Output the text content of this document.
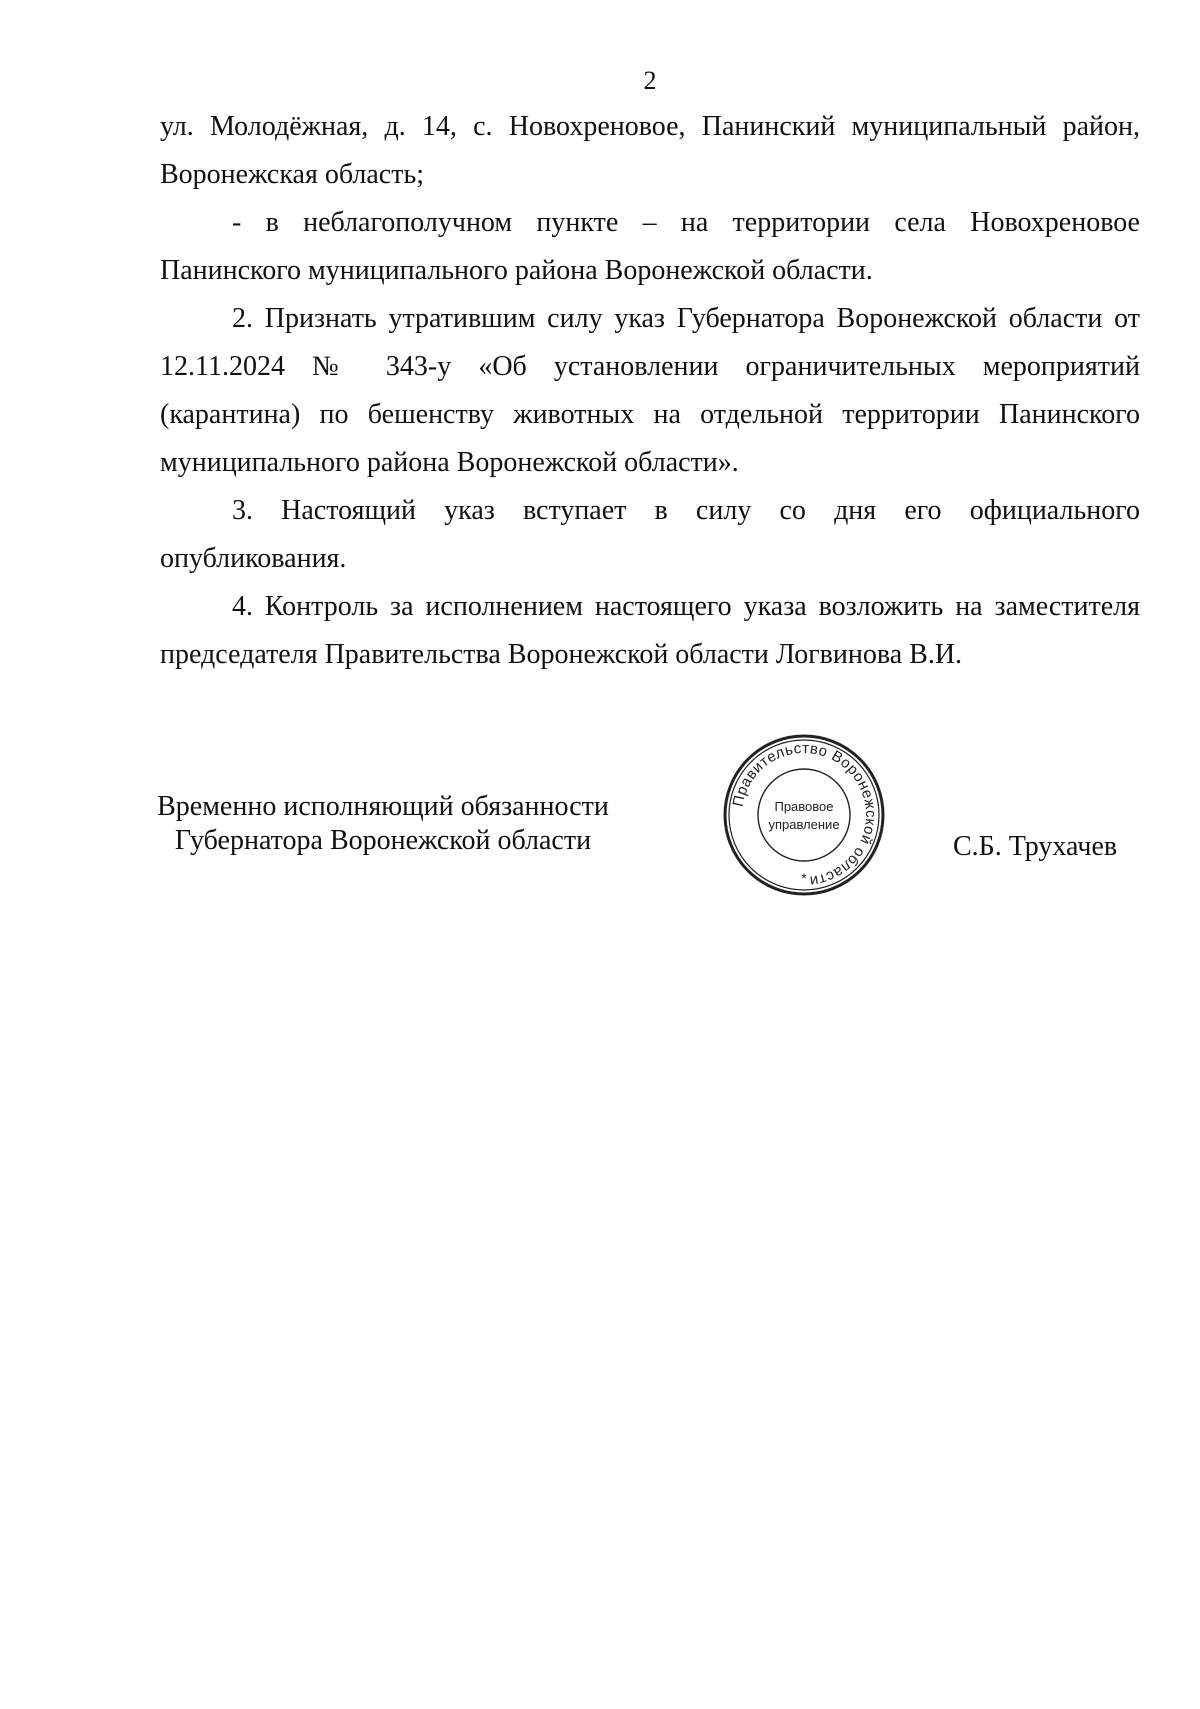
2

ул. Молодёжная, д. 14, с. Новохреновое, Панинский муниципальный район, Воронежская область;

- в неблагополучном пункте – на территории села Новохреновое Панинского муниципального района Воронежской области.

2. Признать утратившим силу указ Губернатора Воронежской области от 12.11.2024 № 343-у «Об установлении ограничительных мероприятий (карантина) по бешенству животных на отдельной территории Панинского муниципального района Воронежской области».

3. Настоящий указ вступает в силу со дня его официального опубликования.

4. Контроль за исполнением настоящего указа возложить на заместителя председателя Правительства Воронежской области Логвинова В.И.

Временно исполняющий обязанности
Губернатора Воронежской области	С.Б. Трухачев
Правительство Воронежской области
Правовое
управление
*
